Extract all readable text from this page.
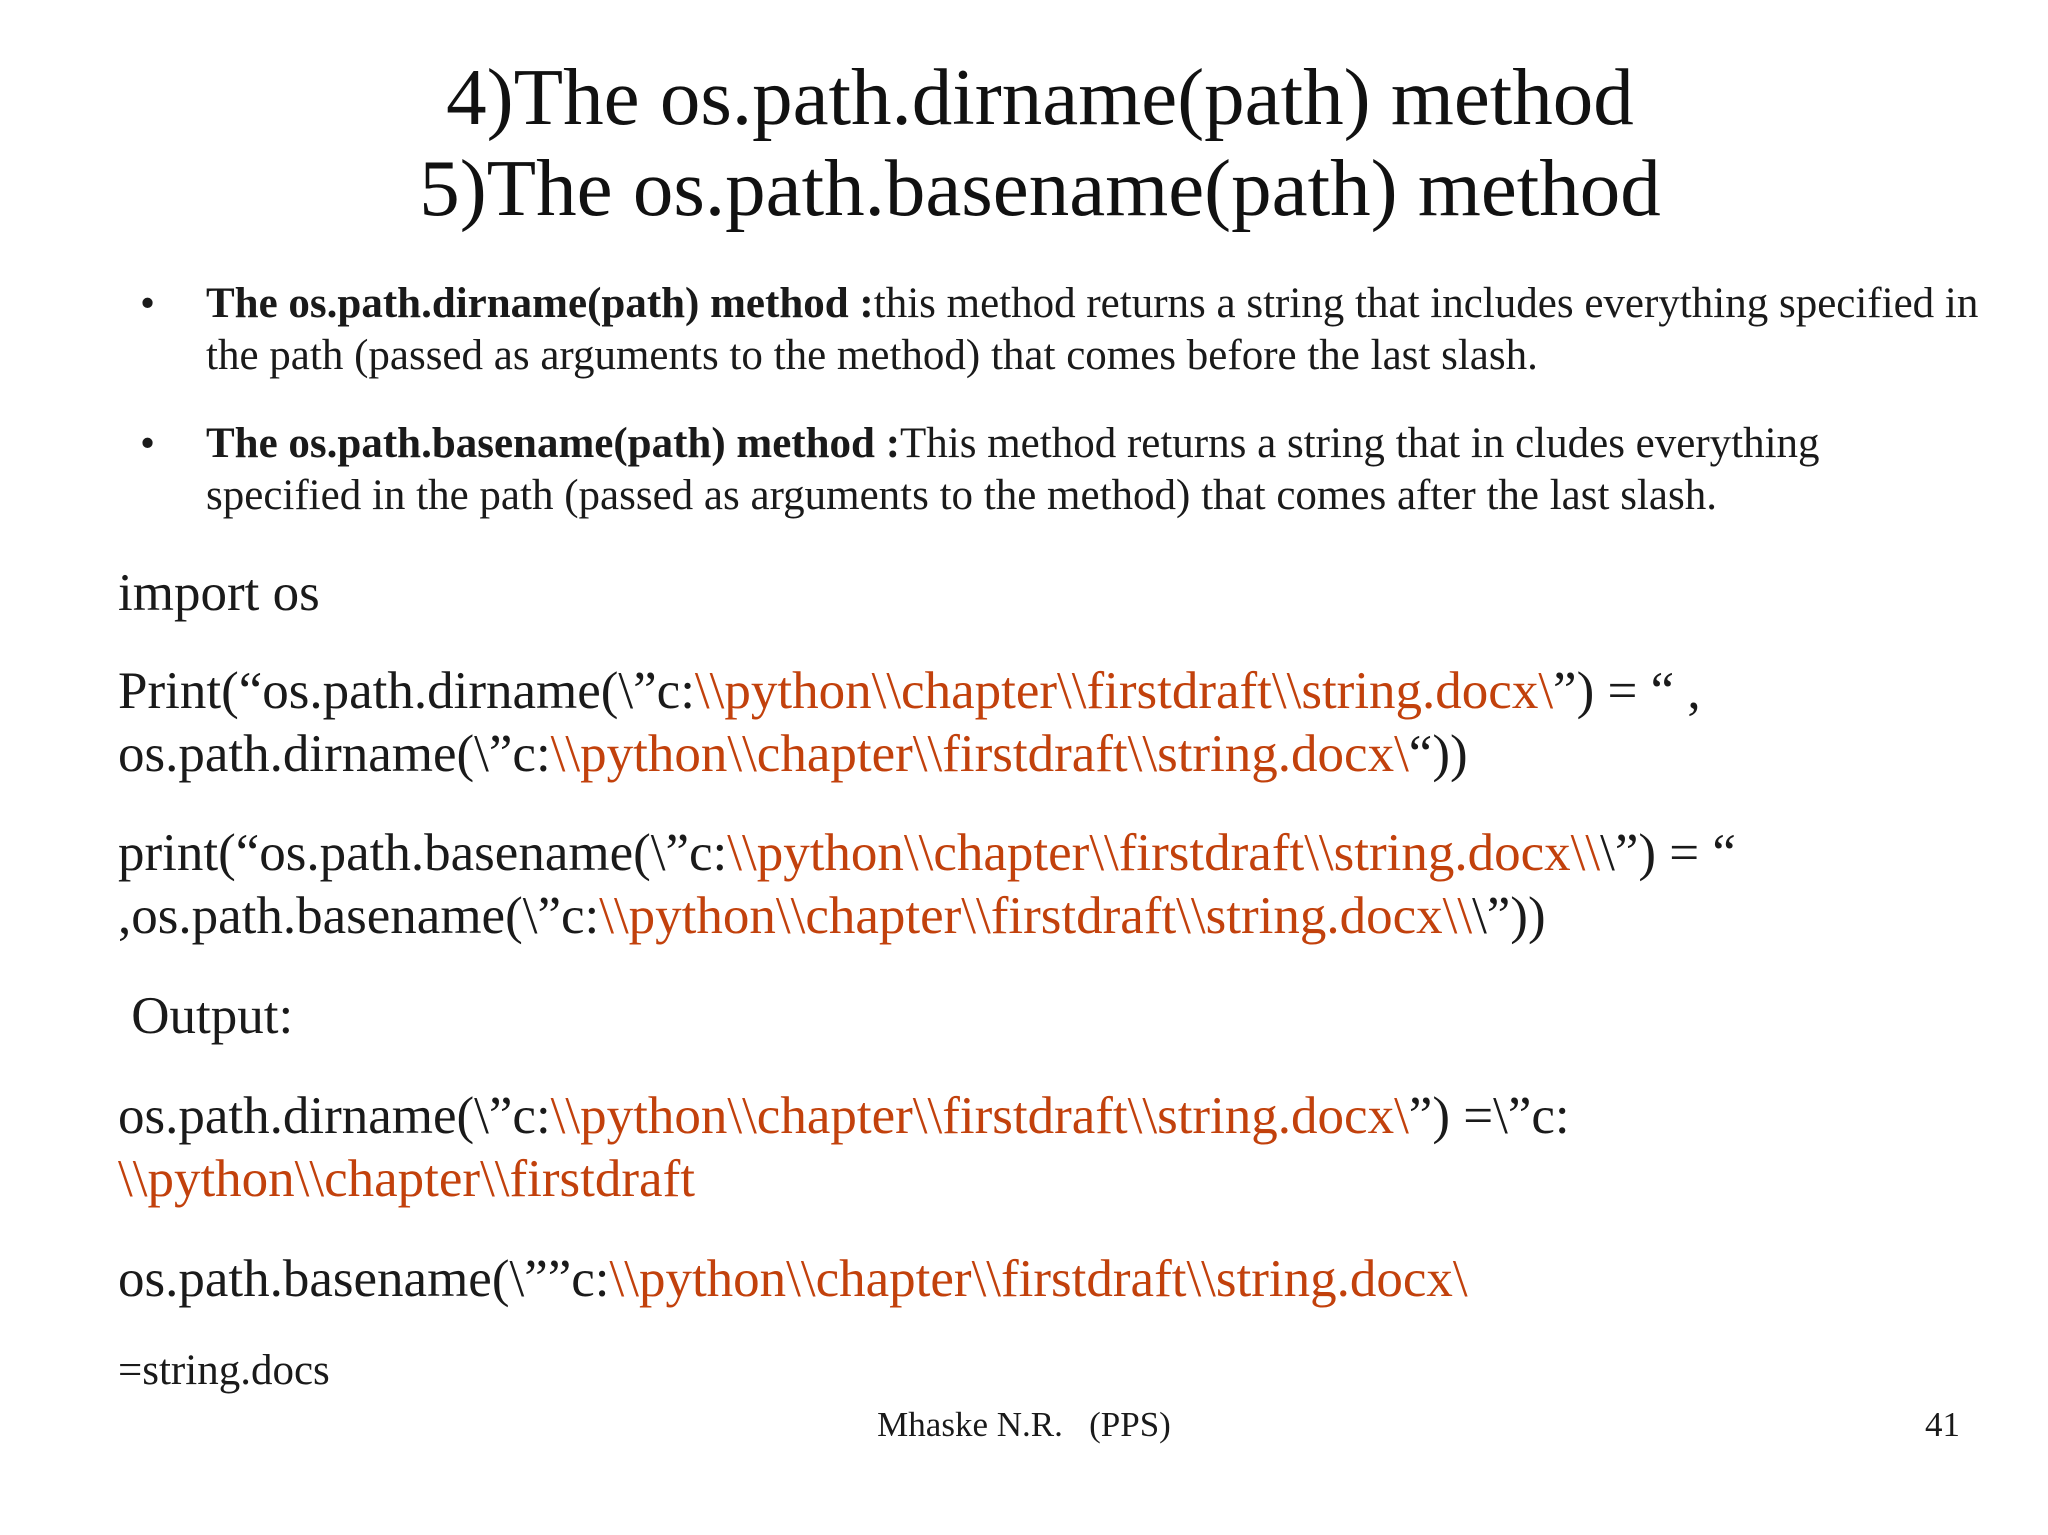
4)The os.path.dirname(path) method
5)The os.path.basename(path) method
• The os.path.dirname(path) method :this method returns a string that includes everything specified in the path (passed as arguments to the method) that comes before the last slash.
• The os.path.basename(path) method :This method returns a string that in cludes everything specified in the path (passed as arguments to the method) that comes after the last slash.
import os
Print(“os.path.dirname(\”c:\\python\\chapter\\firstdraft\\string.docx\”) = “ ,
os.path.dirname(\”c:\\python\\chapter\\firstdraft\\string.docx\“))
print(“os.path.basename(\”c:\\python\\chapter\\firstdraft\\string.docx\\\”) = “
,os.path.basename(\”c:\\python\\chapter\\firstdraft\\string.docx\\\”))
Output:
os.path.dirname(\”c:\\python\\chapter\\firstdraft\\string.docx\”) =\”c:
\\python\\chapter\\firstdraft
os.path.basename(\””c:\\python\\chapter\\firstdraft\\string.docx\
=string.docs
Mhaske N.R.   (PPS)	41
